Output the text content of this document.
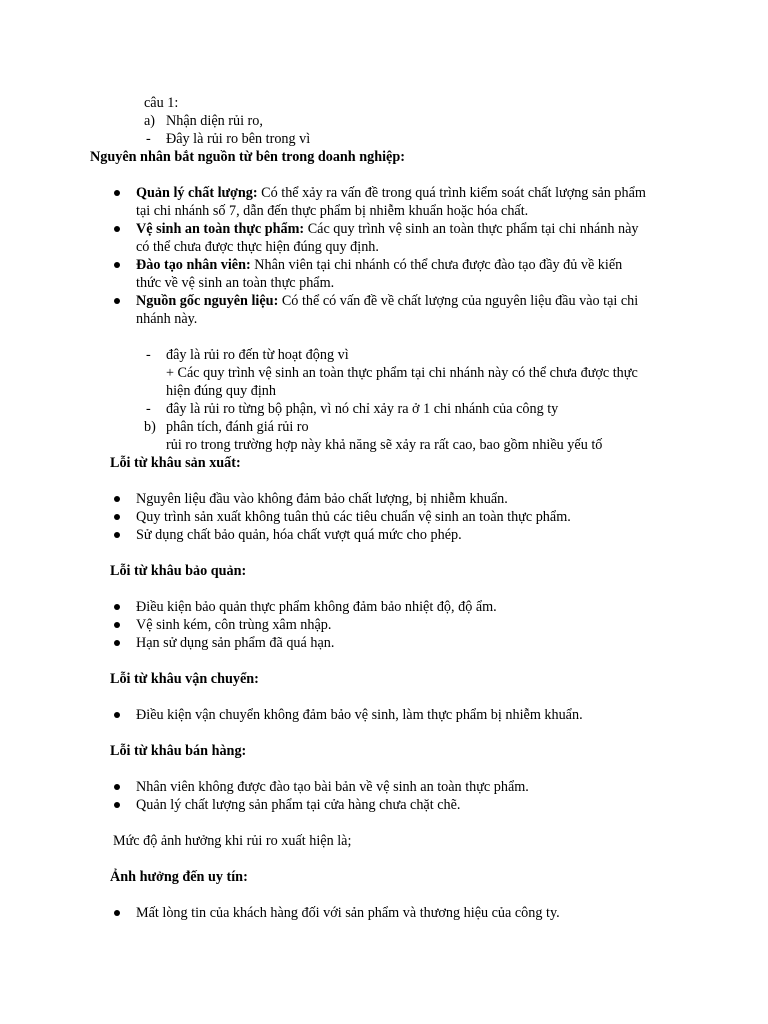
câu 1:
a) Nhận diện rủi ro,
- Đây là rủi ro bên trong vì
Nguyên nhân bắt nguồn từ bên trong doanh nghiệp:
Quản lý chất lượng: Có thể xảy ra vấn đề trong quá trình kiểm soát chất lượng sản phẩm
tại chi nhánh số 7, dẫn đến thực phẩm bị nhiễm khuẩn hoặc hóa chất.
Vệ sinh an toàn thực phẩm: Các quy trình vệ sinh an toàn thực phẩm tại chi nhánh này
có thể chưa được thực hiện đúng quy định.
Đào tạo nhân viên: Nhân viên tại chi nhánh có thể chưa được đào tạo đầy đủ về kiến
thức về vệ sinh an toàn thực phẩm.
Nguồn gốc nguyên liệu: Có thể có vấn đề về chất lượng của nguyên liệu đầu vào tại chi
nhánh này.
- đây là rủi ro đến từ hoạt động vì
+ Các quy trình vệ sinh an toàn thực phẩm tại chi nhánh này có thể chưa được thực
hiện đúng quy định
- đây là rủi ro từng bộ phận, vì nó chỉ xảy ra ở 1 chi nhánh của công ty
b) phân tích, đánh giá rủi ro
rủi ro trong trường hợp này khả năng sẽ xảy ra rất cao, bao gồm nhiều yếu tố
Lỗi từ khâu sản xuất:
Nguyên liệu đầu vào không đảm bảo chất lượng, bị nhiễm khuẩn.
Quy trình sản xuất không tuân thủ các tiêu chuẩn vệ sinh an toàn thực phẩm.
Sử dụng chất bảo quản, hóa chất vượt quá mức cho phép.
Lỗi từ khâu bảo quản:
Điều kiện bảo quản thực phẩm không đảm bảo nhiệt độ, độ ẩm.
Vệ sinh kém, côn trùng xâm nhập.
Hạn sử dụng sản phẩm đã quá hạn.
Lỗi từ khâu vận chuyển:
Điều kiện vận chuyển không đảm bảo vệ sinh, làm thực phẩm bị nhiễm khuẩn.
Lỗi từ khâu bán hàng:
Nhân viên không được đào tạo bài bản về vệ sinh an toàn thực phẩm.
Quản lý chất lượng sản phẩm tại cửa hàng chưa chặt chẽ.
Mức độ ảnh hưởng khi rủi ro xuất hiện là;
Ảnh hưởng đến uy tín:
Mất lòng tin của khách hàng đối với sản phẩm và thương hiệu của công ty.
